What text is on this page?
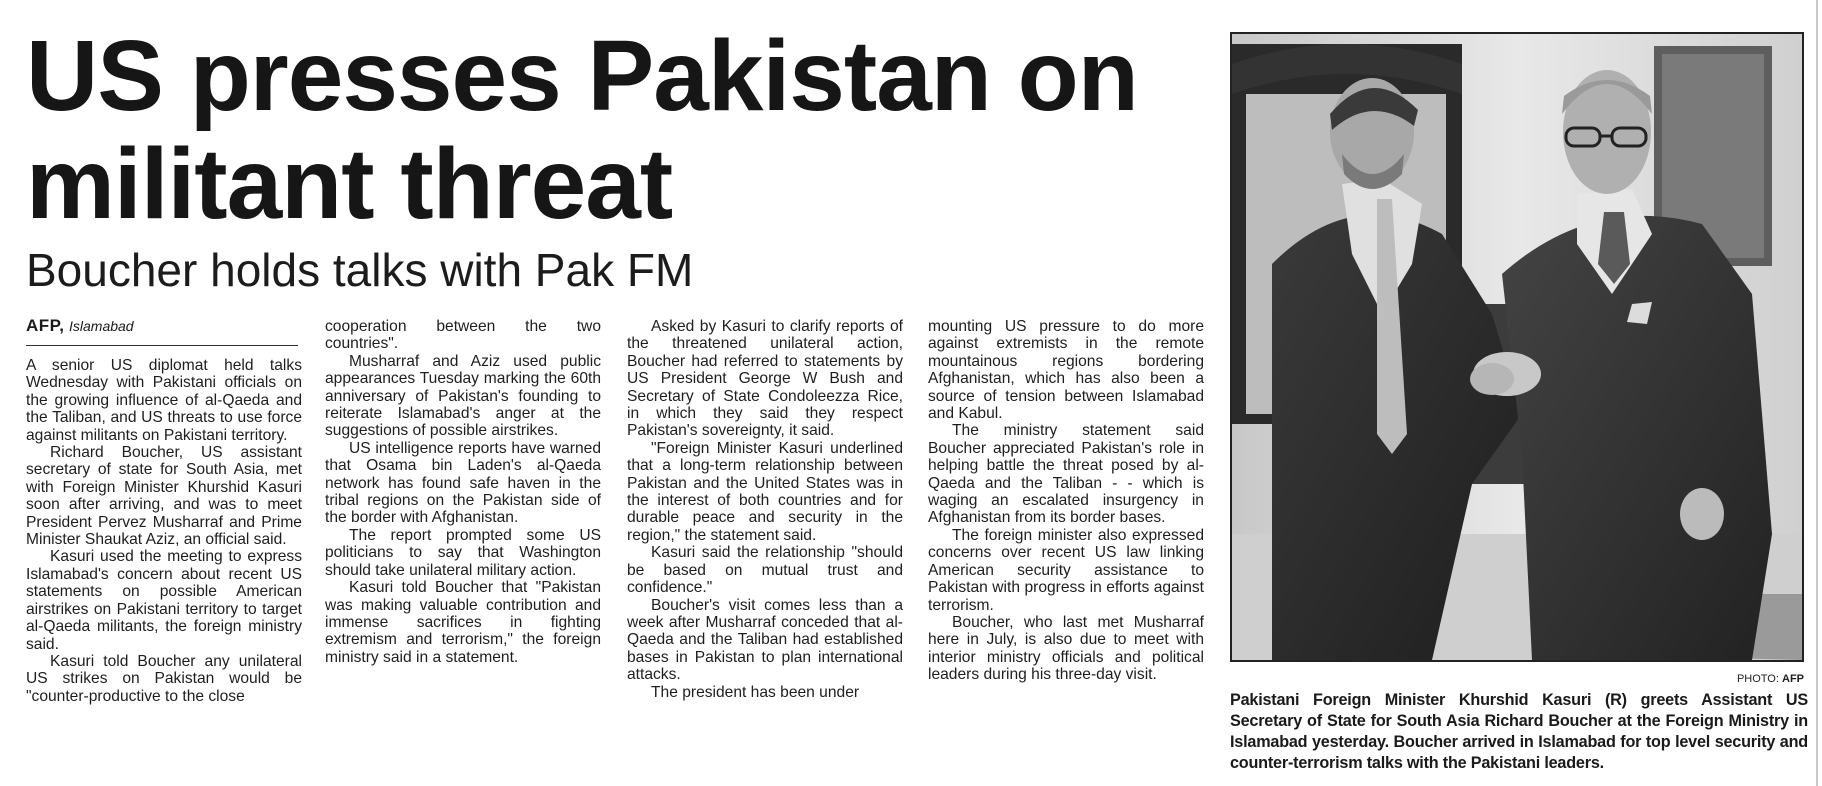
US presses Pakistan on militant threat
Boucher holds talks with Pak FM
AFP, Islamabad

A senior US diplomat held talks Wednesday with Pakistani officials on the growing influence of al-Qaeda and the Taliban, and US threats to use force against militants on Pakistani territory.

Richard Boucher, US assistant secretary of state for South Asia, met with Foreign Minister Khurshid Kasuri soon after arriving, and was to meet President Pervez Musharraf and Prime Minister Shaukat Aziz, an official said.

Kasuri used the meeting to express Islamabad's concern about recent US statements on possible American airstrikes on Pakistani territory to target al-Qaeda militants, the foreign ministry said.

Kasuri told Boucher any unilateral US strikes on Pakistan would be "counter-productive to the close

cooperation between the two countries".

Musharraf and Aziz used public appearances Tuesday marking the 60th anniversary of Pakistan's founding to reiterate Islamabad's anger at the suggestions of possible airstrikes.

US intelligence reports have warned that Osama bin Laden's al-Qaeda network has found safe haven in the tribal regions on the Pakistan side of the border with Afghanistan.

The report prompted some US politicians to say that Washington should take unilateral military action.

Kasuri told Boucher that "Pakistan was making valuable contribution and immense sacrifices in fighting extremism and terrorism," the foreign ministry said in a statement.

Asked by Kasuri to clarify reports of the threatened unilateral action, Boucher had referred to statements by US President George W Bush and Secretary of State Condoleezza Rice, in which they said they respect Pakistan's sovereignty, it said.

"Foreign Minister Kasuri underlined that a long-term relationship between Pakistan and the United States was in the interest of both countries and for durable peace and security in the region," the statement said.

Kasuri said the relationship "should be based on mutual trust and confidence."

Boucher's visit comes less than a week after Musharraf conceded that al-Qaeda and the Taliban had established bases in Pakistan to plan international attacks.

The president has been under

mounting US pressure to do more against extremists in the remote mountainous regions bordering Afghanistan, which has also been a source of tension between Islamabad and Kabul.

The ministry statement said Boucher appreciated Pakistan's role in helping battle the threat posed by al-Qaeda and the Taliban - - which is waging an escalated insurgency in Afghanistan from its border bases.

The foreign minister also expressed concerns over recent US law linking American security assistance to Pakistan with progress in efforts against terrorism.

Boucher, who last met Musharraf here in July, is also due to meet with interior ministry officials and political leaders during his three-day visit.	PHOTO: AFP
Pakistani Foreign Minister Khurshid Kasuri (R) greets Assistant US Secretary of State for South Asia Richard Boucher at the Foreign Ministry in Islamabad yesterday. Boucher arrived in Islamabad for top level security and counter-terrorism talks with the Pakistani leaders.
